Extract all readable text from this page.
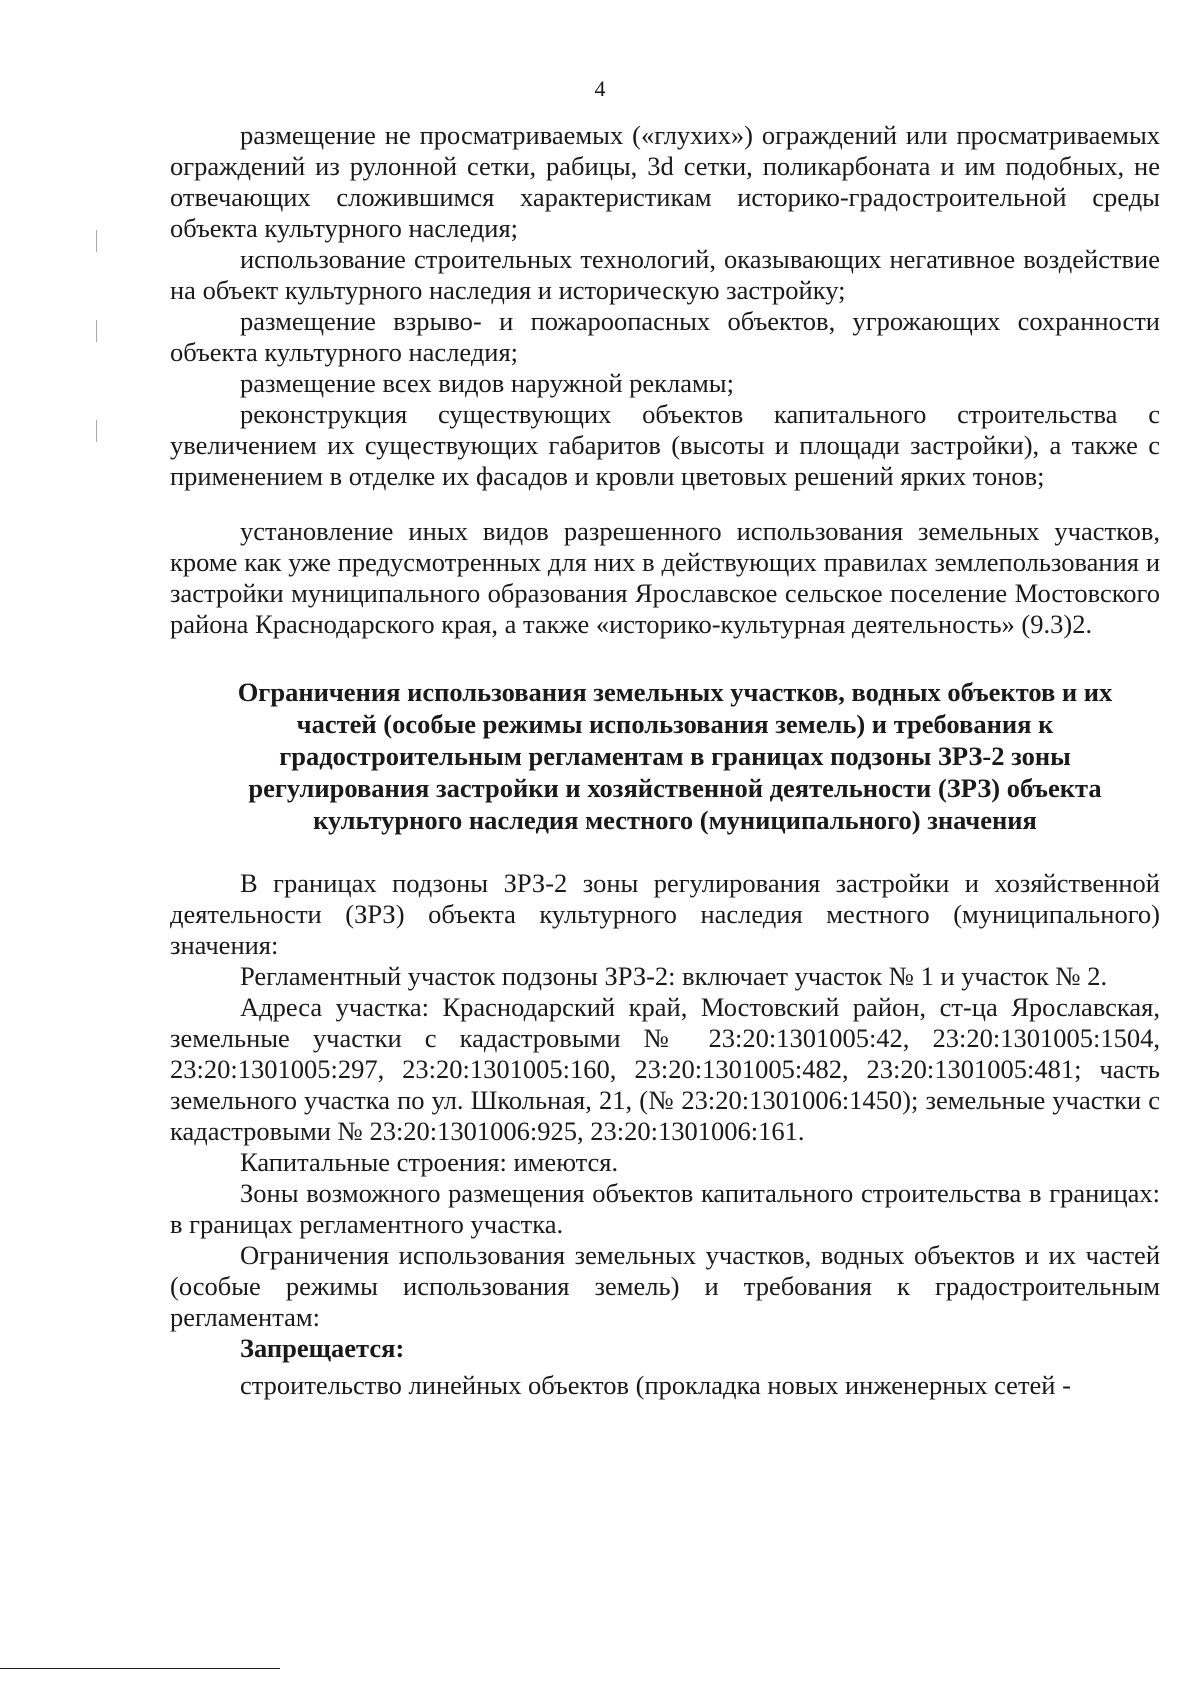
4

размещение не просматриваемых («глухих») ограждений или просматриваемых ограждений из рулонной сетки, рабицы, 3d сетки, поликарбоната и им подобных, не отвечающих сложившимся характеристикам историко-градостроительной среды объекта культурного наследия;

использование строительных технологий, оказывающих негативное воздействие на объект культурного наследия и историческую застройку;

размещение взрыво- и пожароопасных объектов, угрожающих сохранности объекта культурного наследия;

размещение всех видов наружной рекламы;

реконструкция существующих объектов капитального строительства с увеличением их существующих габаритов (высоты и площади застройки), а также с применением в отделке их фасадов и кровли цветовых решений ярких тонов;

установление иных видов разрешенного использования земельных участков, кроме как уже предусмотренных для них в действующих правилах землепользования и застройки муниципального образования Ярославское сельское поселение Мостовского района Краснодарского края, а также «историко-культурная деятельность» (9.3)2.

Ограничения использования земельных участков, водных объектов и их частей (особые режимы использования земель) и требования к градостроительным регламентам в границах подзоны ЗРЗ-2 зоны регулирования застройки и хозяйственной деятельности (ЗРЗ) объекта культурного наследия местного (муниципального) значения

В границах подзоны ЗРЗ-2 зоны регулирования застройки и хозяйственной деятельности (ЗРЗ) объекта культурного наследия местного (муниципального) значения:

Регламентный участок подзоны ЗРЗ-2: включает участок № 1 и участок № 2.

Адреса участка: Краснодарский край, Мостовский район, ст-ца Ярославская, земельные участки с кадастровыми № 23:20:1301005:42, 23:20:1301005:1504, 23:20:1301005:297, 23:20:1301005:160, 23:20:1301005:482, 23:20:1301005:481; часть земельного участка по ул. Школьная, 21, (№ 23:20:1301006:1450); земельные участки с кадастровыми № 23:20:1301006:925, 23:20:1301006:161.

Капитальные строения: имеются.

Зоны возможного размещения объектов капитального строительства в границах: в границах регламентного участка.

Ограничения использования земельных участков, водных объектов и их частей (особые режимы использования земель) и требования к градостроительным регламентам:

Запрещается:

строительство линейных объектов (прокладка новых инженерных сетей -
